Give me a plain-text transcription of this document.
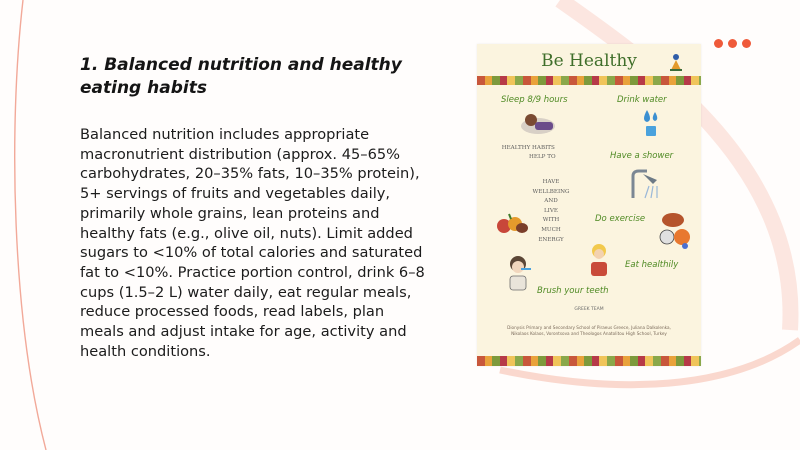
1. Balanced nutrition and healthy eating habits

Balanced nutrition includes appropriate macronutrient distribution (approx. 45–65% carbohydrates, 20–35% fats, 10–35% protein), 5+ servings of fruits and vegetables daily, primarily whole grains, lean proteins and healthy fats (e.g., olive oil, nuts). Limit added sugars to <10% of total calories and saturated fat to <10%. Practice portion control, drink 6–8 cups (1.5–2 L) water daily, eat regular meals, reduce processed foods, read labels, plan meals and adjust intake for age, activity and health conditions.

Be Healthy
Sleep 8/9 hours	Drink water
HEALTHY HABITS
HELP TO	Have a shower
HAVE
WELLBEING
AND
LIVE
WITH
MUCH
ENERGY
Do exercise
Eat healthily
Brush your teeth
GREEK TEAM
Dionysis Primary and Secondary School of Piraeus Greece, Juliana Dalkolenka, Nikolaos Kolaos, Vorontsova and Theologos Anatolitou High School, Turkey
